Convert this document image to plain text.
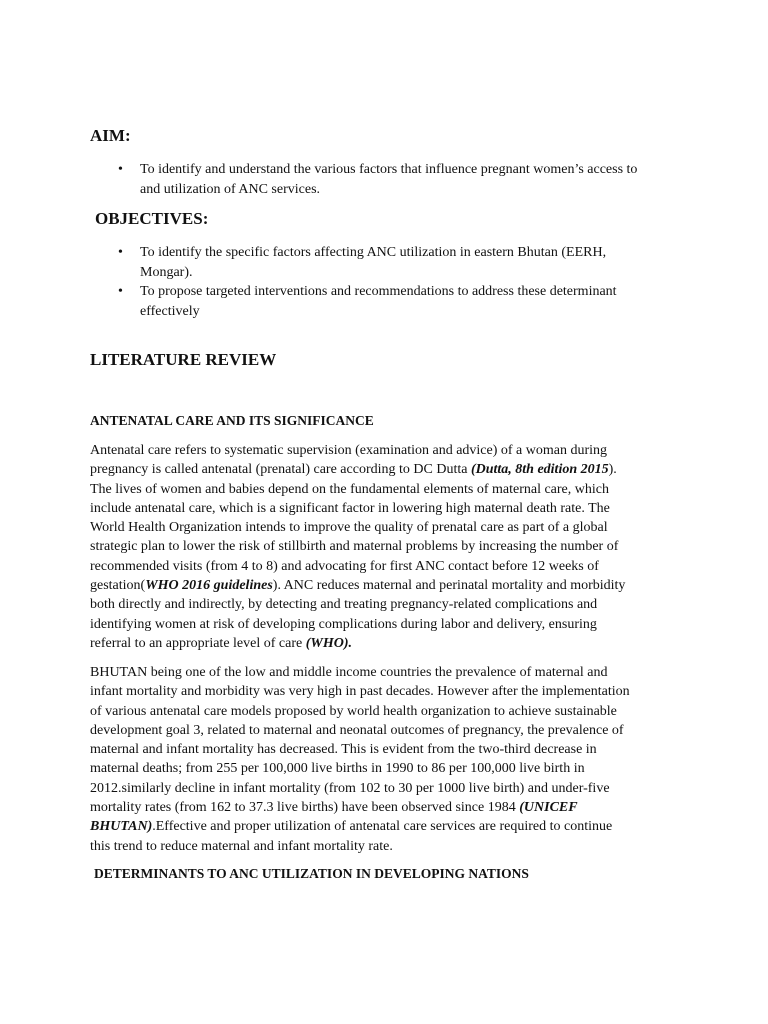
AIM:
• To identify and understand the various factors that influence pregnant women’s access to
and utilization of ANC services.
OBJECTIVES:
• To identify the specific factors affecting ANC utilization in eastern Bhutan (EERH,
Mongar).
• To propose targeted interventions and recommendations to address these determinant
effectively
LITERATURE REVIEW
ANTENATAL CARE AND ITS SIGNIFICANCE

Antenatal care refers to systematic supervision (examination and advice) of a woman during
pregnancy is called antenatal (prenatal) care according to DC Dutta (Dutta, 8th edition 2015).
The lives of women and babies depend on the fundamental elements of maternal care, which
include antenatal care, which is a significant factor in lowering high maternal death rate. The
World Health Organization intends to improve the quality of prenatal care as part of a global
strategic plan to lower the risk of stillbirth and maternal problems by increasing the number of
recommended visits (from 4 to 8) and advocating for first ANC contact before 12 weeks of
gestation(WHO 2016 guidelines). ANC reduces maternal and perinatal mortality and morbidity
both directly and indirectly, by detecting and treating pregnancy-related complications and
identifying women at risk of developing complications during labor and delivery, ensuring
referral to an appropriate level of care (WHO).

BHUTAN being one of the low and middle income countries the prevalence of maternal and
infant mortality and morbidity was very high in past decades. However after the implementation
of various antenatal care models proposed by world health organization to achieve sustainable
development goal 3, related to maternal and neonatal outcomes of pregnancy, the prevalence of
maternal and infant mortality has decreased. This is evident from the two-third decrease in
maternal deaths; from 255 per 100,000 live births in 1990 to 86 per 100,000 live birth in
2012.similarly decline in infant mortality (from 102 to 30 per 1000 live birth) and under-five
mortality rates (from 162 to 37.3 live births) have been observed since 1984 (UNICEF
BHUTAN).Effective and proper utilization of antenatal care services are required to continue
this trend to reduce maternal and infant mortality rate.

DETERMINANTS TO ANC UTILIZATION IN DEVELOPING NATIONS
